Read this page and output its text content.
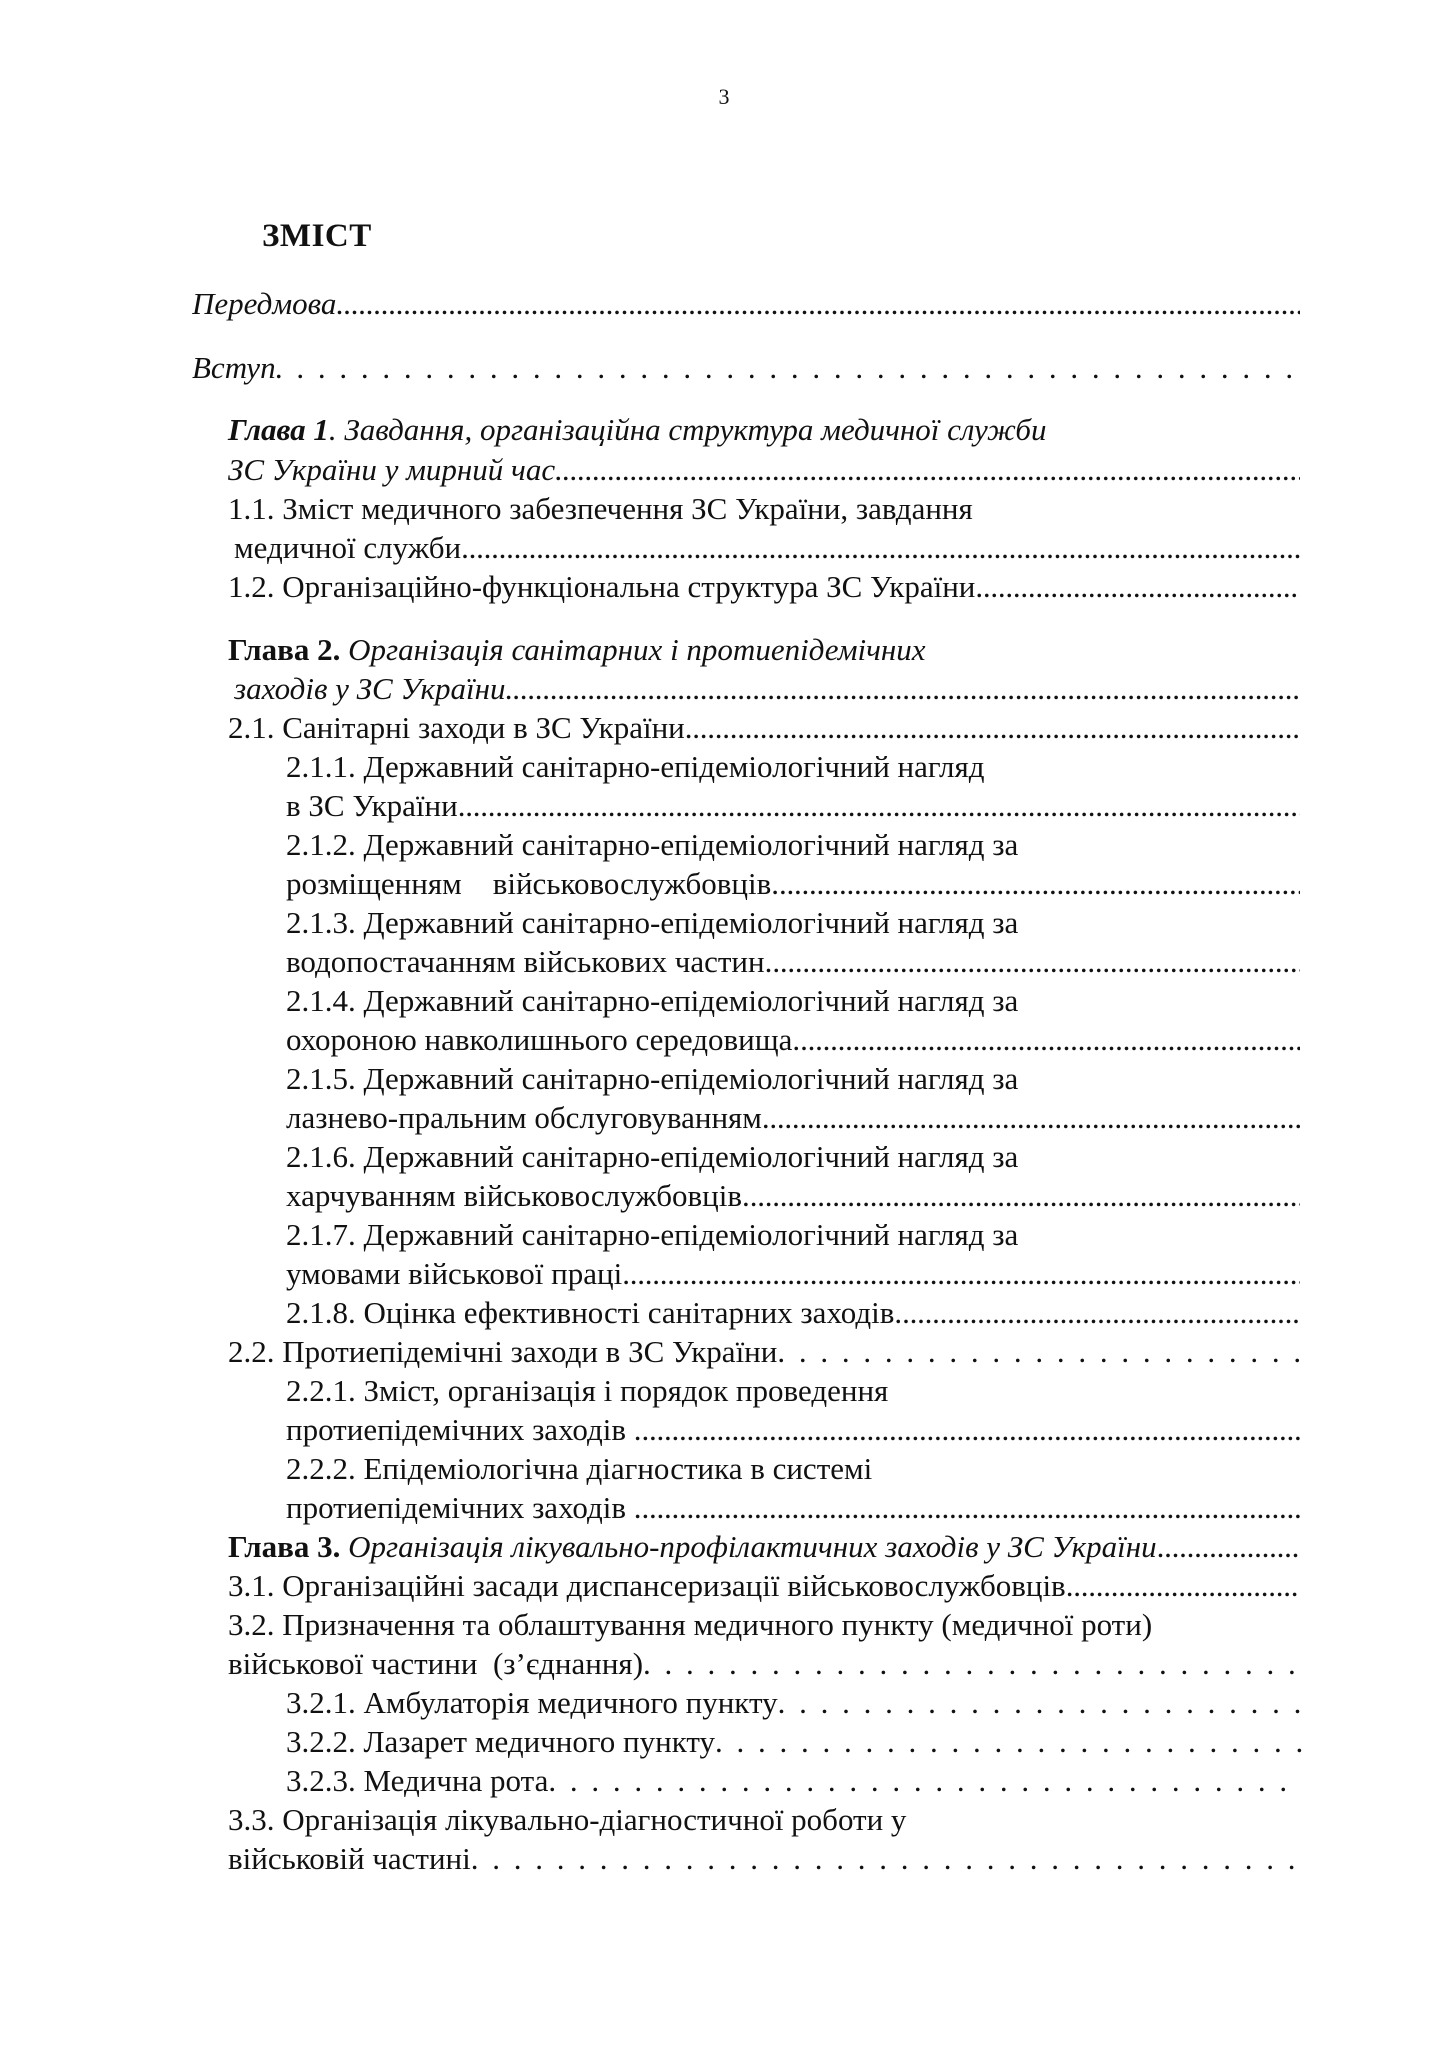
3
ЗМІСТ
Передмова
. . .
Вступ
. . .
Глава 1. Завдання, організаційна структура медичної служби
ЗС України у мирний час
. . .
1.1. Зміст медичного забезпечення ЗС України, завдання
медичної служби
. . .
1.2. Організаційно-функціональна структура ЗС України
. . .
Глава 2. Організація санітарних і протиепідемічних
заходів у ЗС України
. . .
2.1. Санітарні заходи в ЗС України
. . .
2.1.1. Державний санітарно-епідеміологічний нагляд
в ЗС України
. . .
2.1.2. Державний санітарно-епідеміологічний нагляд за
розміщенням    військовослужбовців.
. . .
2.1.3. Державний санітарно-епідеміологічний нагляд за
водопостачанням військових частин.
. . .
2.1.4. Державний санітарно-епідеміологічний нагляд за
охороною навколишнього середовища.
. . .
2.1.5. Державний санітарно-епідеміологічний нагляд за
лазнево-пральним обслуговуванням
. . .
2.1.6. Державний санітарно-епідеміологічний нагляд за
харчуванням військовослужбовців.
. . .
2.1.7. Державний санітарно-епідеміологічний нагляд за
умовами військової праці
. . .
2.1.8. Оцінка ефективності санітарних заходів.
. . .
2.2. Протиепідемічні заходи в ЗС України
. . .
2.2.1. Зміст, організація і порядок проведення
протиепідемічних заходів .
. . .
2.2.2. Епідеміологічна діагностика в системі
протиепідемічних заходів .
. . .
Глава 3. Організація лікувально-профілактичних заходів у ЗС України
. . .
3.1. Організаційні засади диспансеризації військовослужбовців
. . .
3.2. Призначення та облаштування медичного пункту (медичної роти)
військової частини  (з’єднання)
. . .
3.2.1. Амбулаторія медичного пункту
. . .
3.2.2. Лазарет медичного пункту
. . .
3.2.3. Медична рота
. . .
3.3. Організація лікувально-діагностичної роботи у
військовій частині
. . .
